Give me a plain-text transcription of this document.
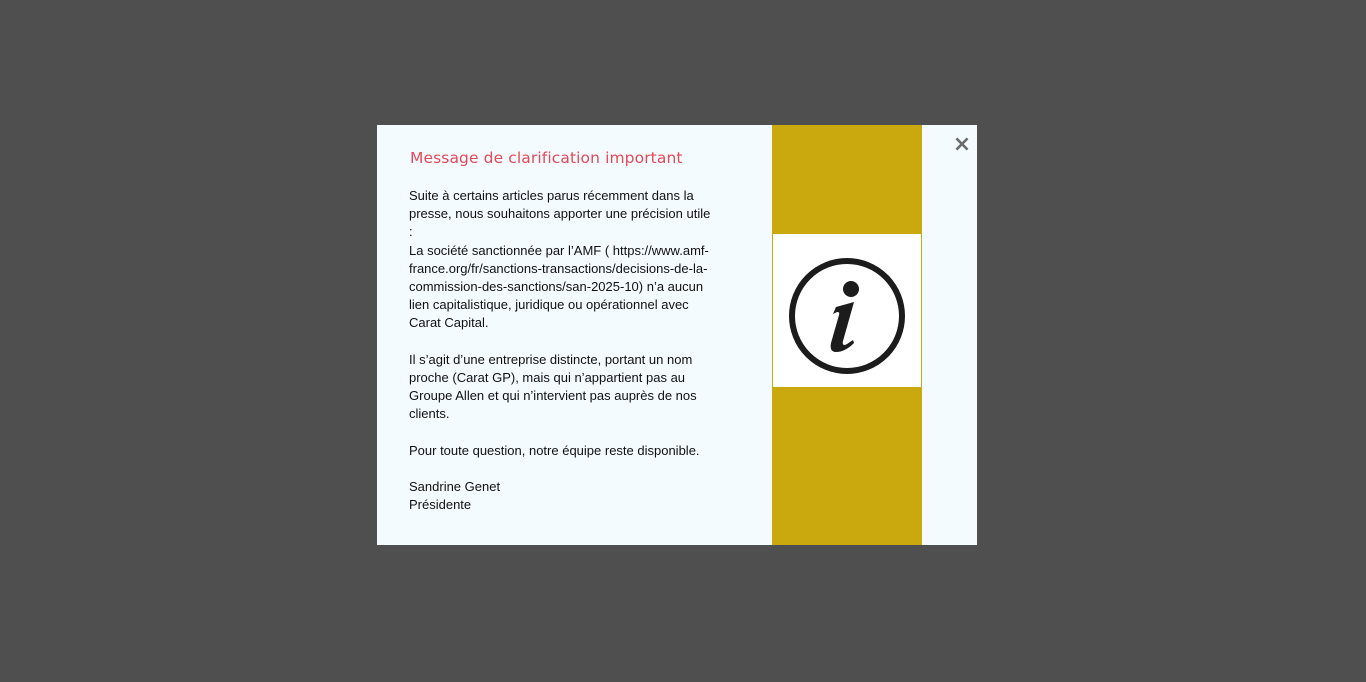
Message de clarification important

Suite à certains articles parus récemment dans la presse, nous souhaitons apporter une précision utile :

La société sanctionnée par l’AMF ( https://www.amf-france.org/fr/sanctions-transactions/decisions-de-la-commission-des-sanctions/san-2025-10) n’a aucun lien capitalistique, juridique ou opérationnel avec Carat Capital.

Il s’agit d’une entreprise distincte, portant un nom proche (Carat GP), mais qui n’appartient pas au Groupe Allen et qui n’intervient pas auprès de nos clients.

Pour toute question, notre équipe reste disponible.

Sandrine Genet

Présidente

×
